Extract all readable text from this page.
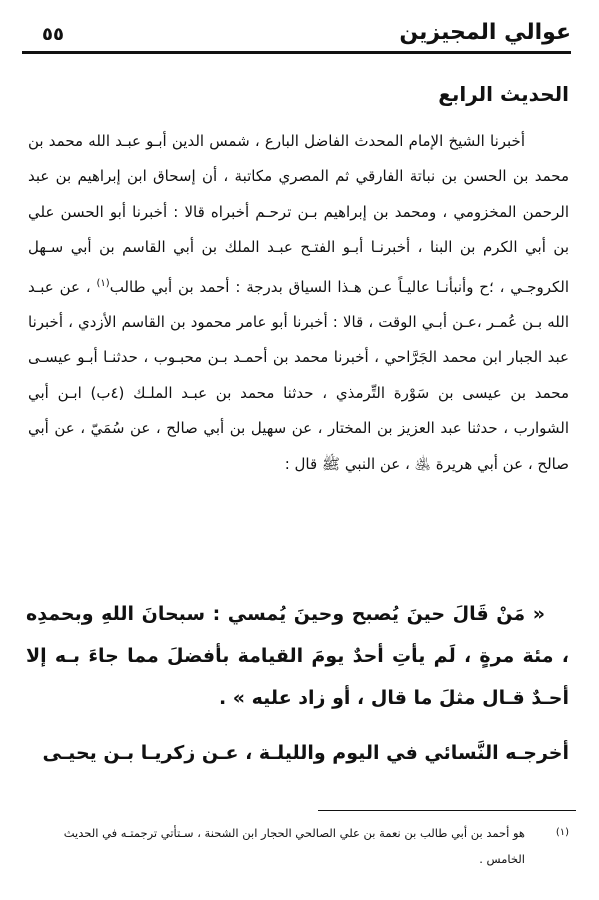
عوالي المجيزين
٥٥
الحديث الرابع

أخبرنا الشيخ الإمام المحدث الفاضل البارع ، شمس الدين أبـو عبـد الله محمد بن محمد بن الحسن بن نباتة الفارقي ثم المصري مكاتبة ، أن إسحاق ابن إبراهيم بن عبد الرحمن المخزومي ، ومحمد بن إبراهيم بـن ترحـم أخبراه قالا : أخبرنا أبو الحسن علي بن أبي الكرم بن البنا ، أخبرنـا أبـو الفتـح عبـد الملك بن أبي القاسم بن أبي سـهل الكروجـي ، ؛ح وأنبأنـا عاليـاً عـن هـذا السياق بدرجة : أحمد بن أبي طالب$^{(١)}$ ، عن عبـد الله بـن عُمـر ،عـن أبـي الوقت ، قالا : أخبرنا أبو عامر محمود بن القاسم الأزدي ، أخبرنا عبد الجبار ابن محمد الجَرَّاحي ، أخبرنا محمد بن أحمـد بـن محبـوب ، حدثنـا أبـو عيسـى محمد بن عيسى بن سَوْرة التِّرمذي ، حدثنا محمد بن عبـد الملـك (٤ب) ابـن أبي الشوارب ، حدثنا عبد العزيز بن المختار ، عن سهيل بن أبي صالح ، عن سُمَيّ ، عن أبي صالح ، عن أبي هريرة ﵁ ، عن النبي ﷺ قال :

« مَنْ قَالَ حينَ يُصبح وحينَ يُمسي : سبحانَ اللهِ وبحمدِه ، مئة مرةٍ ، لَم يأتِ أحدٌ يومَ القيامة بأفضلَ مما جاءَ بـه إلا أحـدٌ قـال مثلَ ما قال ، أو زاد عليه » .

أخرجـه النَّسائي في اليوم والليلـة ، عـن زكريـا بـن يحيـى
(١)
هو أحمد بن أبي طالب بن نعمة بن علي الصالحي الحجار ابن الشحنة ، سـتأتي ترجمتـه في الحديث الخامس .
